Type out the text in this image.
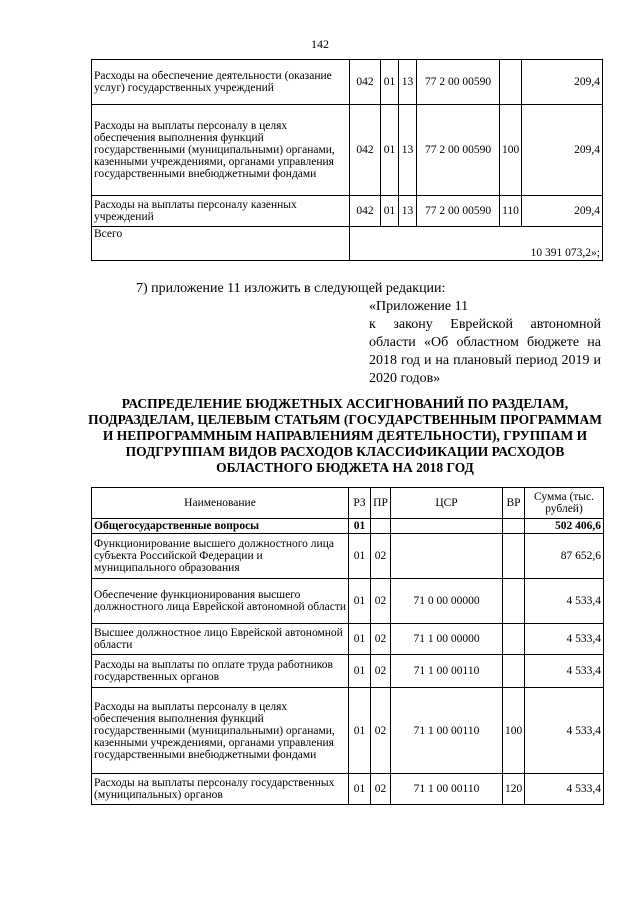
142
Расходы на обеспечение деятельности (оказание услуг) государственных учреждений	042	01	13	77 2 00 00590		209,4
Расходы на выплаты персоналу в целях обеспечения выполнения функций государственными (муниципальными) органами, казенными учреждениями, органами управления государственными внебюджетными фондами	042	01	13	77 2 00 00590	100	209,4
Расходы на выплаты персоналу казенных учреждений	042	01	13	77 2 00 00590	110	209,4
Всего	10 391 073,2»;					
7) приложение 11 изложить в следующей редакции:
«Приложение 11
к закону Еврейской автономной области «Об областном бюджете на 2018 год и на плановый период 2019 и 2020 годов»
РАСПРЕДЕЛЕНИЕ БЮДЖЕТНЫХ АССИГНОВАНИЙ ПО РАЗДЕЛАМ,
ПОДРАЗДЕЛАМ, ЦЕЛЕВЫМ СТАТЬЯМ (ГОСУДАРСТВЕННЫМ ПРОГРАММАМ
И НЕПРОГРАММНЫМ НАПРАВЛЕНИЯМ ДЕЯТЕЛЬНОСТИ), ГРУППАМ И
ПОДГРУППАМ ВИДОВ РАСХОДОВ КЛАССИФИКАЦИИ РАСХОДОВ
ОБЛАСТНОГО БЮДЖЕТА НА 2018 ГОД
Наименование	РЗ	ПР	ЦСР	ВР	Сумма (тыс. рублей)
Общегосударственные вопросы	01				502 406,6
Функционирование высшего должностного лица субъекта Российской Федерации и муниципального образования	01	02			87 652,6
Обеспечение функционирования высшего должностного лица Еврейской автономной области	01	02	71 0 00 00000		4 533,4
Высшее должностное лицо Еврейской автономной области	01	02	71 1 00 00000		4 533,4
Расходы на выплаты по оплате труда работников государственных органов	01	02	71 1 00 00110		4 533,4
Расходы на выплаты персоналу в целях обеспечения выполнения функций государственными (муниципальными) органами, казенными учреждениями, органами управления государственными внебюджетными фондами	01	02	71 1 00 00110	100	4 533,4
Расходы на выплаты персоналу государственных (муниципальных) органов	01	02	71 1 00 00110	120	4 533,4
.
